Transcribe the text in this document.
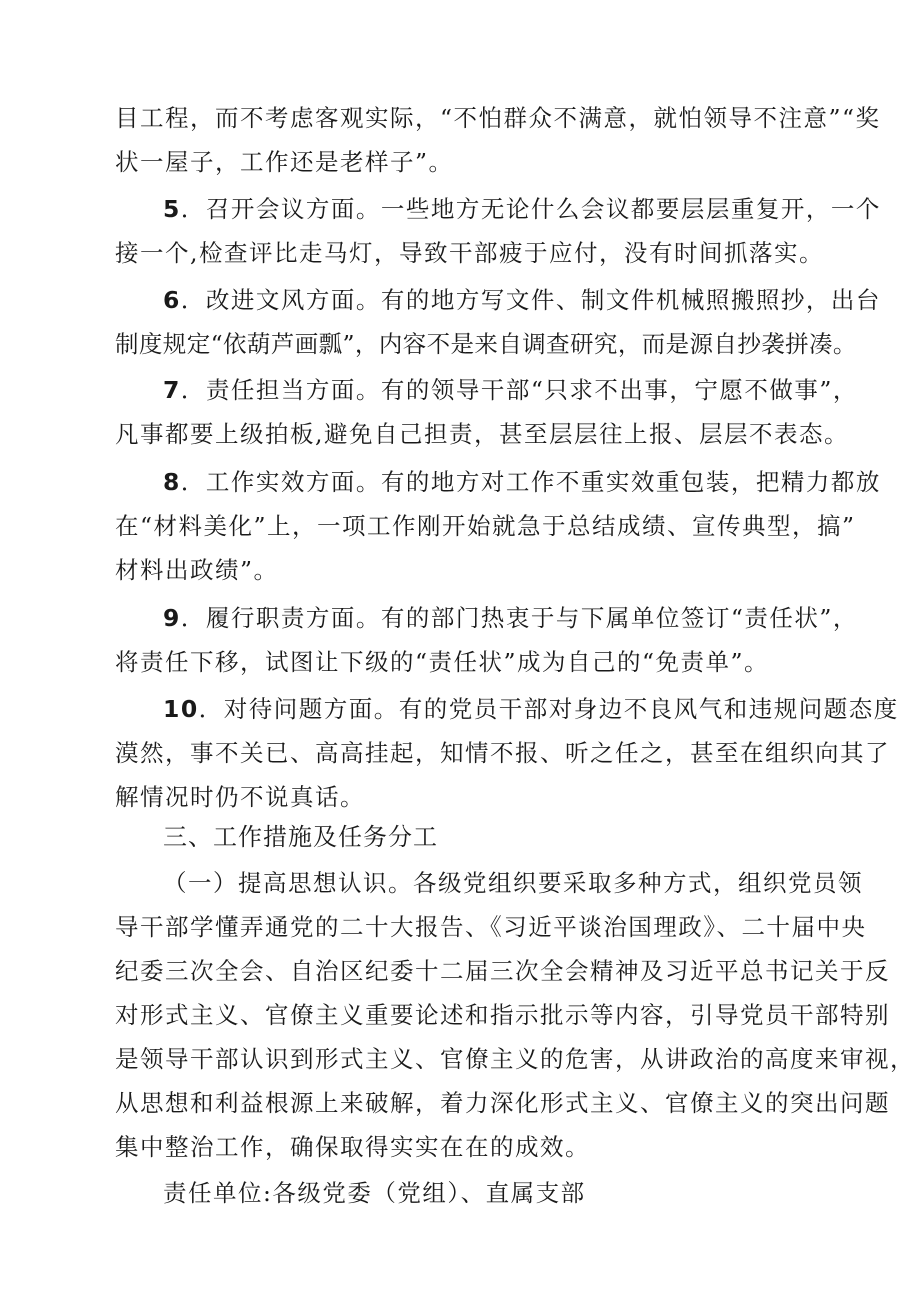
目工程，而不考虑客观实际，“不怕群众不满意，就怕领导不注意”“奖
状一屋子，工作还是老样子”。
5．召开会议方面。一些地方无论什么会议都要层层重复开，一个
接一个,检查评比走马灯，导致干部疲于应付，没有时间抓落实。
6．改进文风方面。有的地方写文件、制文件机械照搬照抄，出台
制度规定“依葫芦画瓢”，内容不是来自调查研究，而是源自抄袭拼凑。
7．责任担当方面。有的领导干部“只求不出事，宁愿不做事”，
凡事都要上级拍板,避免自己担责，甚至层层往上报、层层不表态。
8．工作实效方面。有的地方对工作不重实效重包装，把精力都放
在“材料美化”上，一项工作刚开始就急于总结成绩、宣传典型，搞”
材料出政绩”。
9．履行职责方面。有的部门热衷于与下属单位签订“责任状”，
将责任下移，试图让下级的“责任状”成为自己的“免责单”。
10．对待问题方面。有的党员干部对身边不良风气和违规问题态度
漠然，事不关已、高高挂起，知情不报、听之任之，甚至在组织向其了
解情况时仍不说真话。
三、工作措施及任务分工
（一）提高思想认识。各级党组织要采取多种方式，组织党员领
导干部学懂弄通党的二十大报告、《习近平谈治国理政》、二十届中央
纪委三次全会、自治区纪委十二届三次全会精神及习近平总书记关于反
对形式主义、官僚主义重要论述和指示批示等内容，引导党员干部特别
是领导干部认识到形式主义、官僚主义的危害，从讲政治的高度来审视，
从思想和利益根源上来破解，着力深化形式主义、官僚主义的突出问题
集中整治工作，确保取得实实在在的成效。
责任单位:各级党委（党组）、直属支部
